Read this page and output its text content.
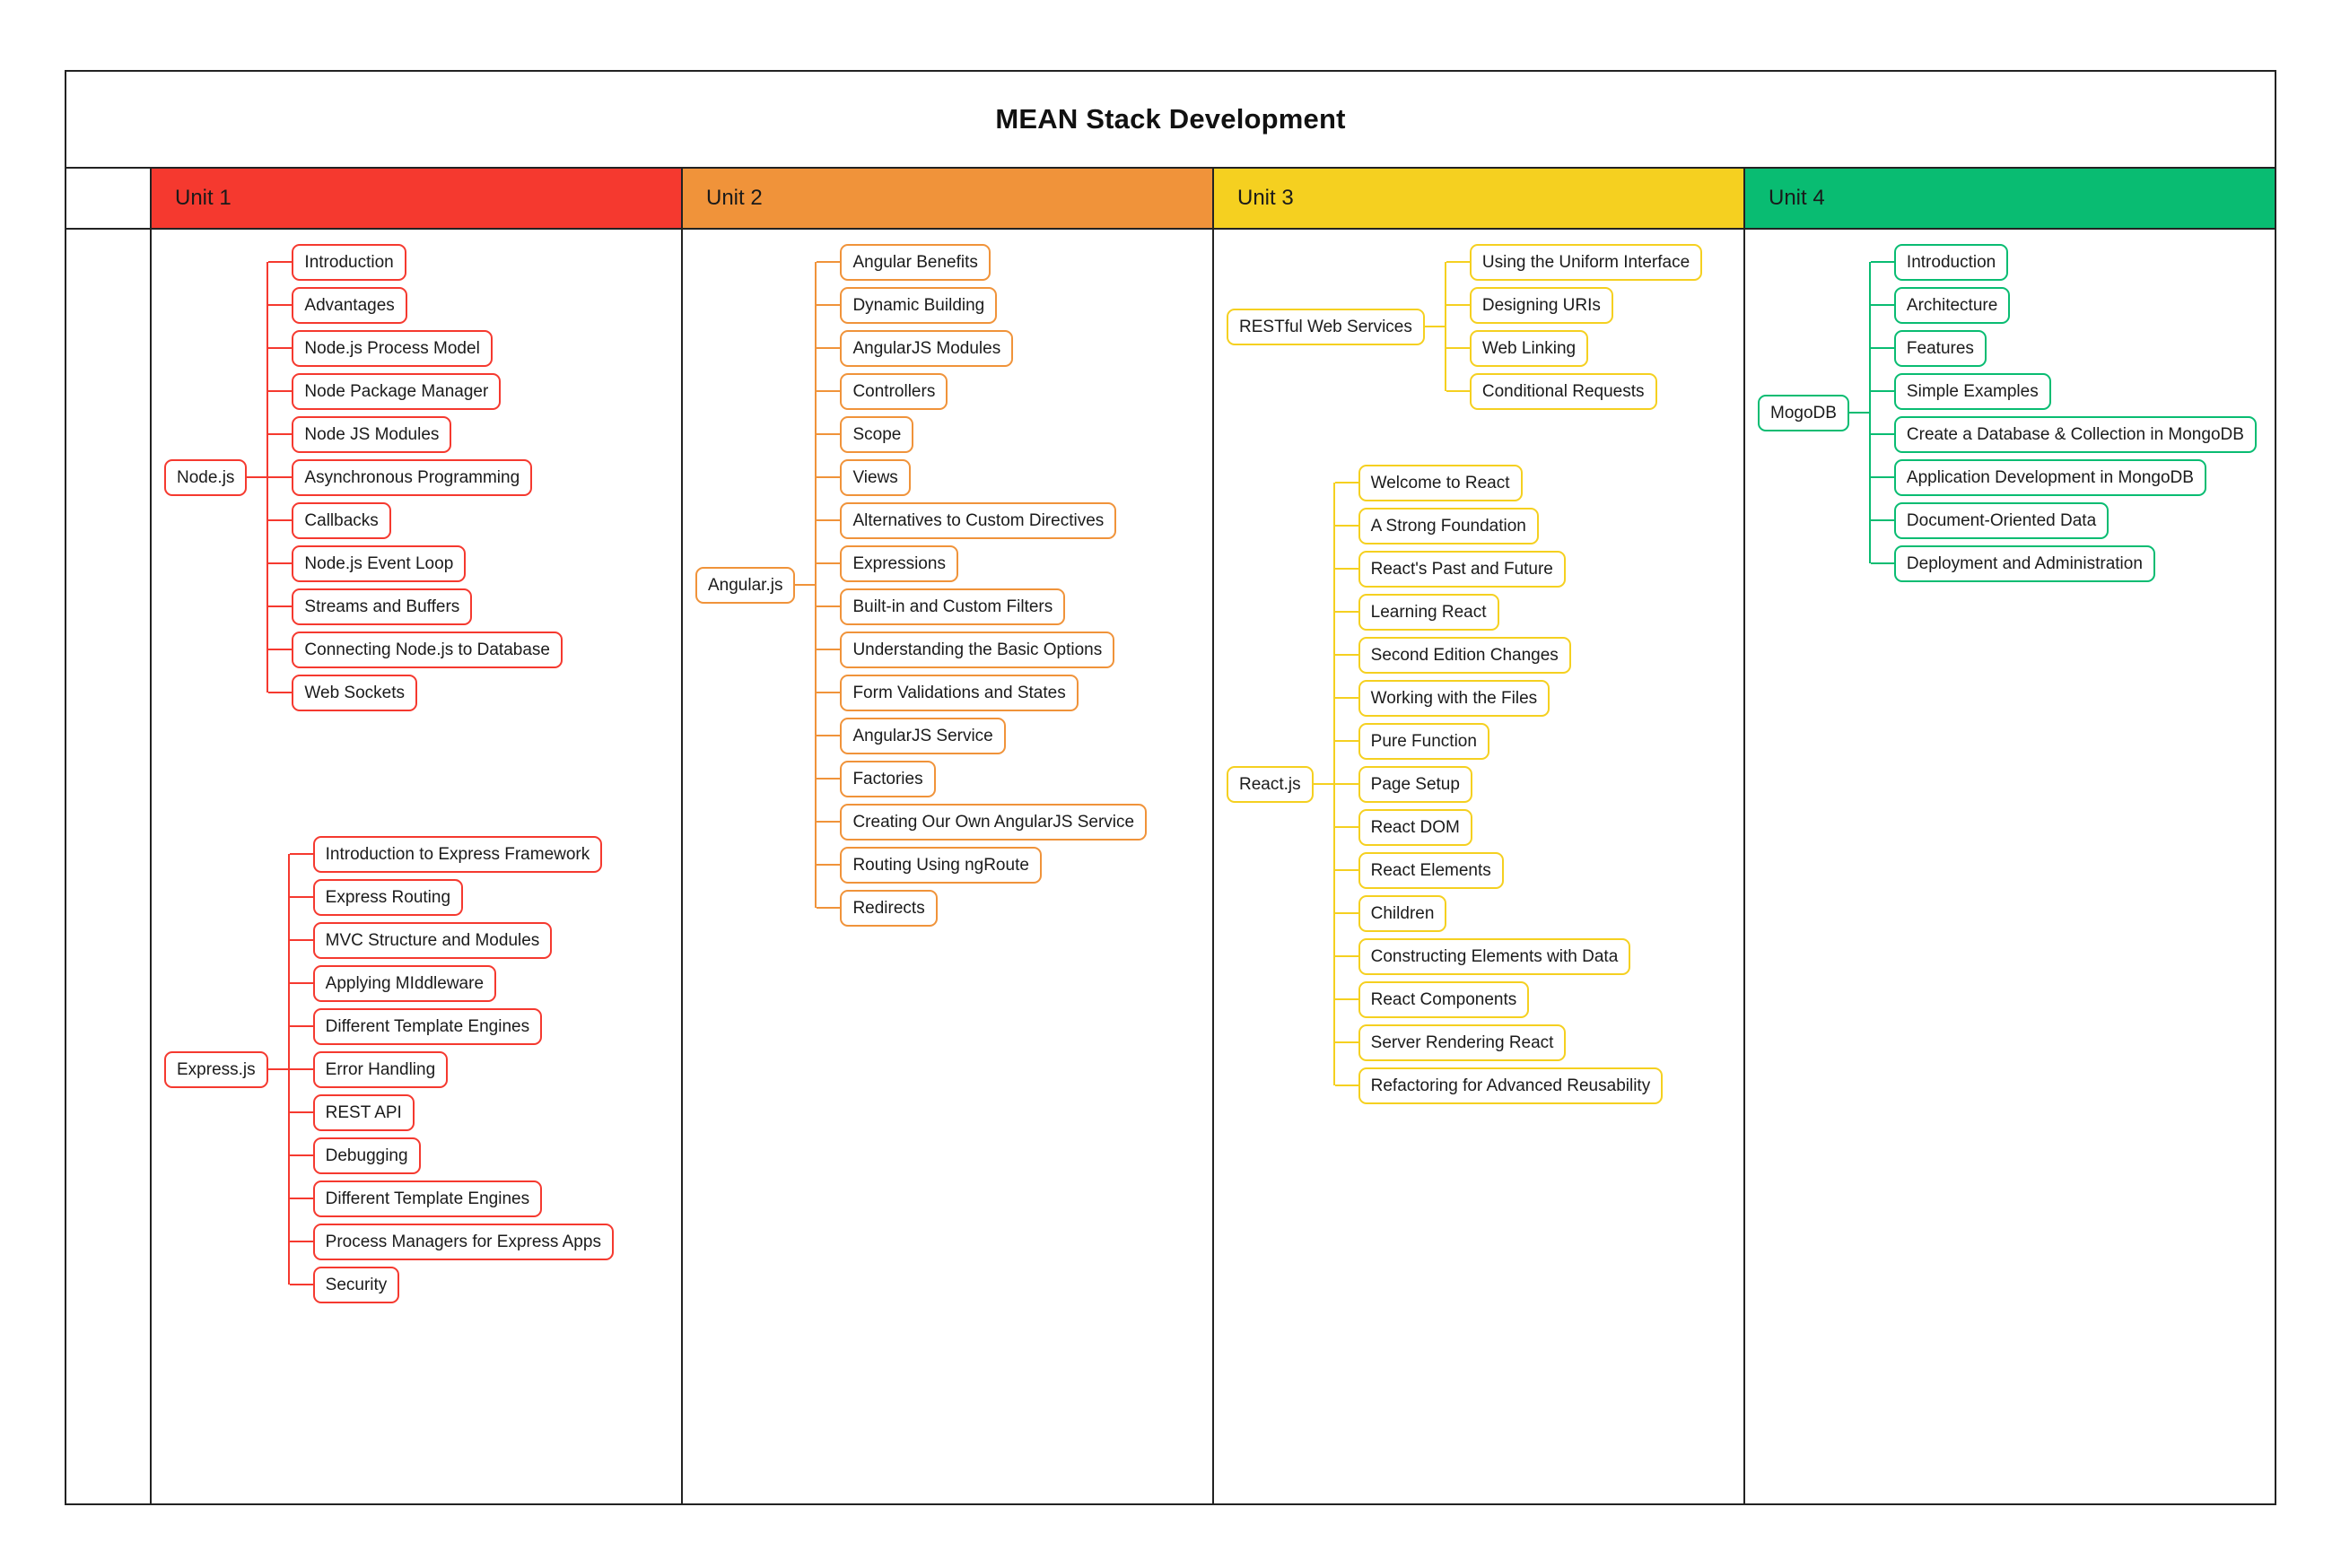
MEAN Stack Development
Unit 1	Unit 2	Unit 3	Unit 4
Node.js
Introduction
Advantages
Node.js Process Model
Node Package Manager
Node JS Modules
Asynchronous Programming
Callbacks
Node.js Event Loop
Streams and Buffers
Connecting Node.js to Database
Web Sockets
Express.js
Introduction to Express Framework
Express Routing
MVC Structure and Modules
Applying MIddleware
Different Template Engines
Error Handling
REST API
Debugging
Different Template Engines
Process Managers for Express Apps
Security
Angular.js
Angular Benefits
Dynamic Building
AngularJS Modules
Controllers
Scope
Views
Alternatives to Custom Directives
Expressions
Built-in and Custom Filters
Understanding the Basic Options
Form Validations and States
AngularJS Service
Factories
Creating Our Own AngularJS Service
Routing Using ngRoute
Redirects
RESTful Web Services
Using the Uniform Interface
Designing URIs
Web Linking
Conditional Requests
React.js
Welcome to React
A Strong Foundation
React's Past and Future
Learning React
Second Edition Changes
Working with the Files
Pure Function
Page Setup
React DOM
React Elements
Children
Constructing Elements with Data
React Components
Server Rendering React
Refactoring for Advanced Reusability
MogoDB
Introduction
Architecture
Features
Simple Examples
Create a Database & Collection in MongoDB
Application Development in MongoDB
Document-Oriented Data
Deployment and Administration
